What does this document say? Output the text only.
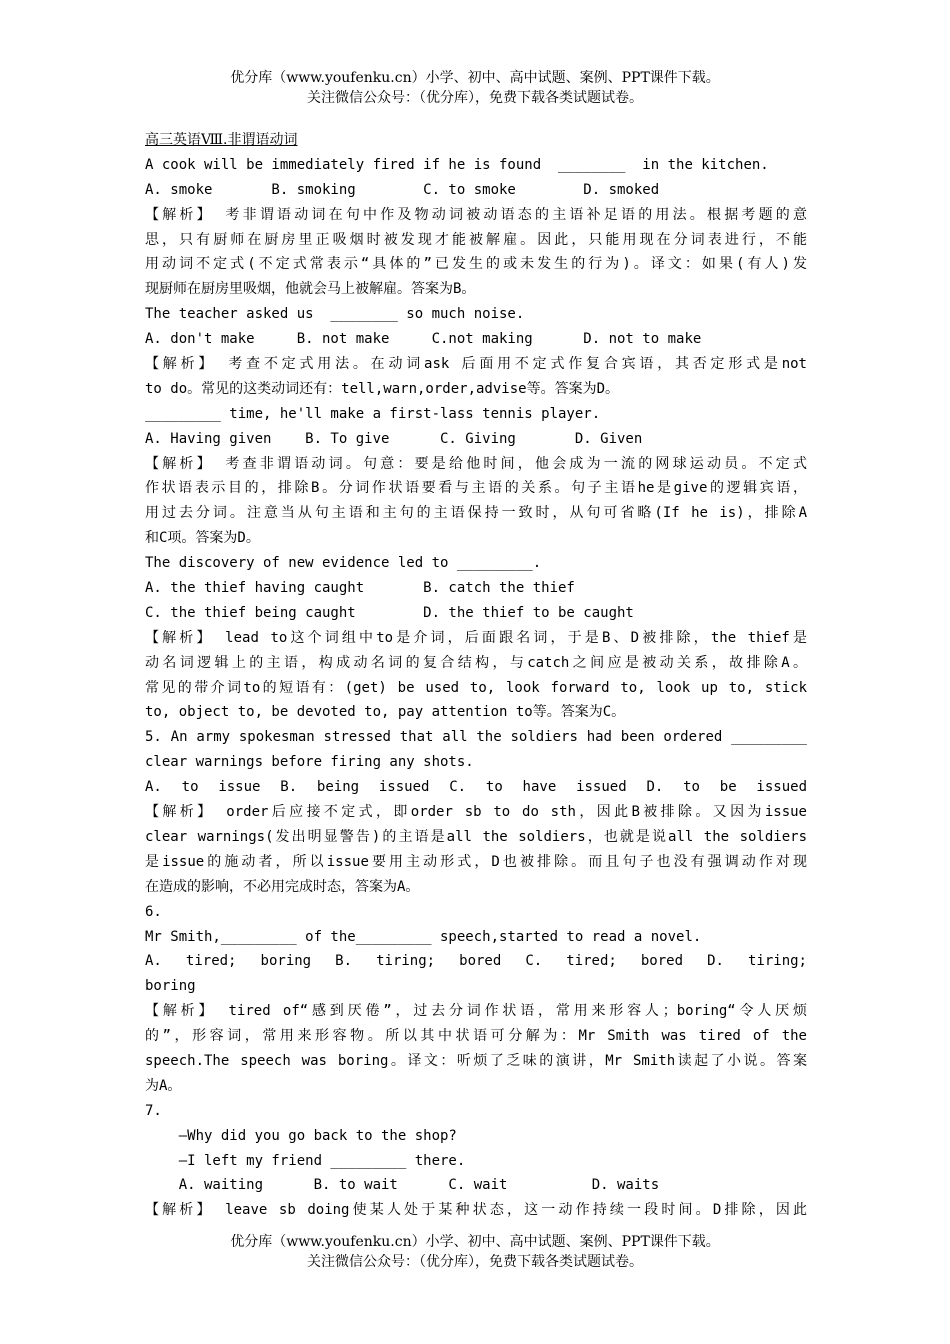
优分库（www.youfenku.cn）小学、初中、高中试题、案例、PPT课件下载。
关注微信公众号：（优分库），免费下载各类试题试卷。
高三英语Ⅷ.非谓语动词
A cook will be immediately fired if he is found  ________  in the kitchen.
A. smoke       B. smoking        C. to smoke        D. smoked
【解析】 考非谓语动词在句中作及物动词被动语态的主语补足语的用法。根据考题的意
思，只有厨师在厨房里正吸烟时被发现才能被解雇。因此，只能用现在分词表进行，不能
用动词不定式(不定式常表示“具体的”已发生的或未发生的行为)。译文：如果(有人)发
现厨师在厨房里吸烟，他就会马上被解雇。答案为B。
The teacher asked us  ________ so much noise.
A. don't make     B. not make     C.not making      D. not to make
【解析】 考查不定式用法。在动词ask 后面用不定式作复合宾语，其否定形式是not
to do。常见的这类动词还有：tell,warn,order,advise等。答案为D。
_________ time, he'll make a first-lass tennis player.
A. Having given    B. To give      C. Giving       D. Given
【解析】 考查非谓语动词。句意：要是给他时间，他会成为一流的网球运动员。不定式
作状语表示目的，排除B。分词作状语要看与主语的关系。句子主语he是give的逻辑宾语，
用过去分词。注意当从句主语和主句的主语保持一致时，从句可省略(If he is)，排除A
和C项。答案为D。
The discovery of new evidence led to _________.
A. the thief having caught       B. catch the thief
C. the thief being caught        D. the thief to be caught
【解析】 lead to这个词组中to是介词，后面跟名词，于是B、D被排除，the thief是
动名词逻辑上的主语，构成动名词的复合结构，与catch之间应是被动关系，故排除A。
常见的带介词to的短语有：(get) be used to, look forward to, look up to, stick
to, object to, be devoted to, pay attention to等。答案为C。
5. An army spokesman stressed that all the soldiers had been ordered _________
clear warnings before firing any shots.
A. to issue B. being issued C. to have issued D. to be issued
【解析】 order后应接不定式，即order sb to do sth，因此B被排除。又因为issue
clear warnings(发出明显警告)的主语是all the soldiers，也就是说all the soldiers
是issue的施动者，所以issue要用主动形式，D也被排除。而且句子也没有强调动作对现
在造成的影响，不必用完成时态，答案为A。
6.
Mr Smith,_________ of the_________ speech,started to read a novel.
A. tired; boring B. tiring; bored C. tired; bored D. tiring;
boring
【解析】 tired of“感到厌倦”，过去分词作状语，常用来形容人；boring“令人厌烦
的”，形容词，常用来形容物。所以其中状语可分解为：Mr Smith was tired of the
speech.The speech was boring。译文：听烦了乏味的演讲，Mr Smith读起了小说。答案
为A。
7.
—Why did you go back to the shop?
—I left my friend _________ there.
A. waiting      B. to wait      C. wait          D. waits
【解析】 leave sb doing使某人处于某种状态，这一动作持续一段时间。D排除，因此
优分库（www.youfenku.cn）小学、初中、高中试题、案例、PPT课件下载。
关注微信公众号：（优分库），免费下载各类试题试卷。
